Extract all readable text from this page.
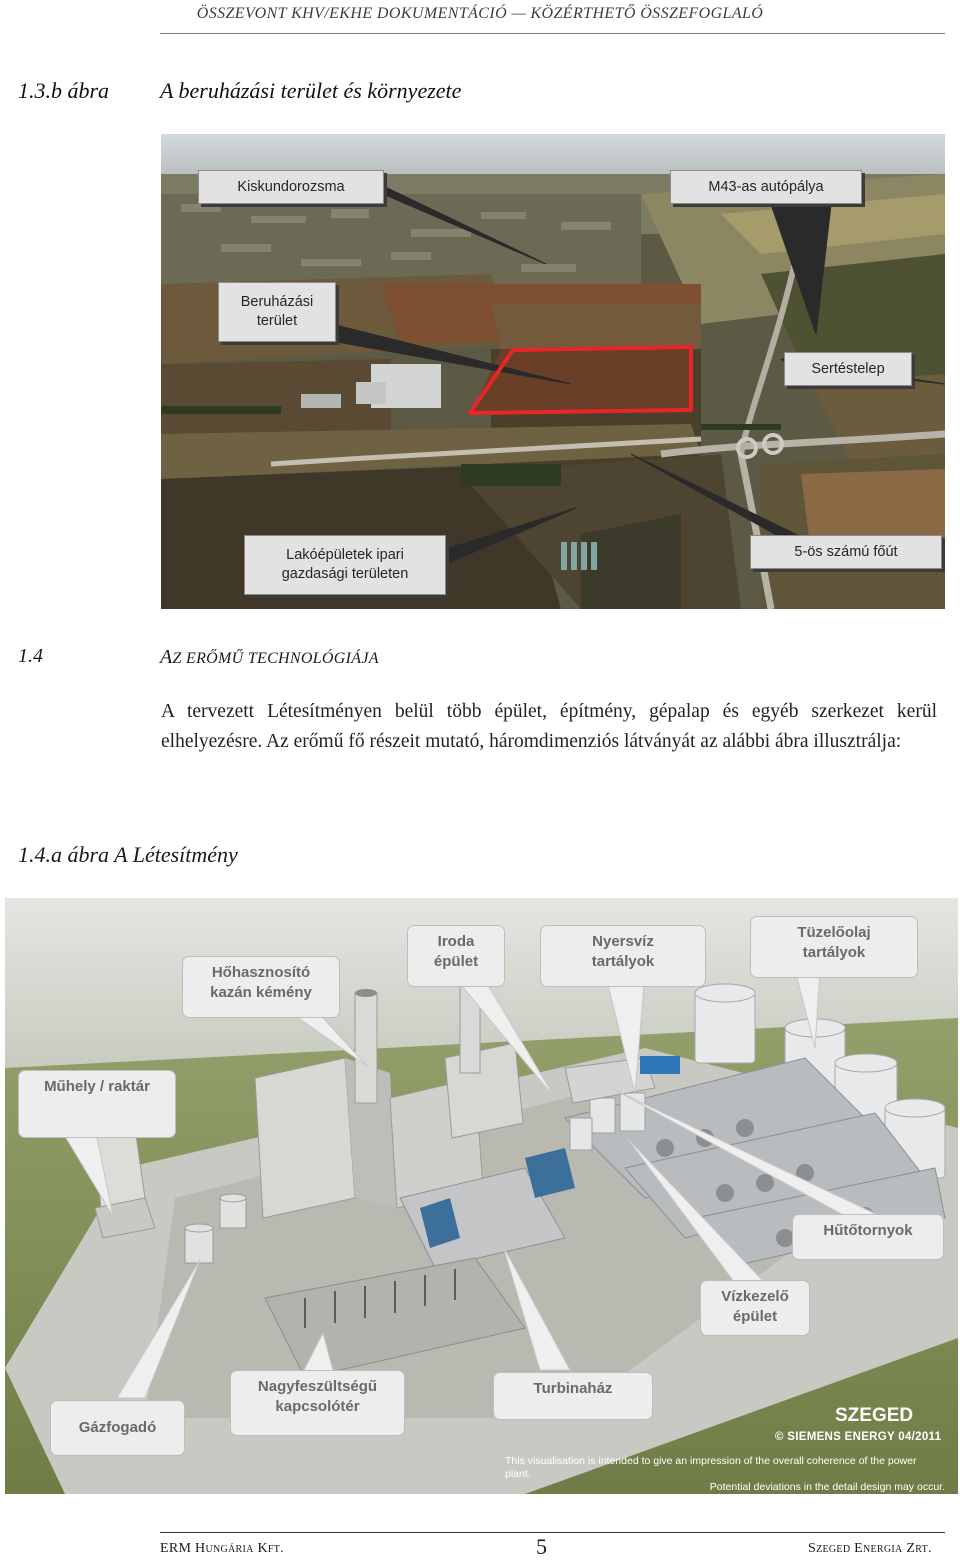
ÖSSZEVONT KHV/EKHE DOKUMENTÁCIÓ — KÖZÉRTHETŐ ÖSSZEFOGLALÓ
1.3.b ábra A beruházási terület és környezete
Kiskundorozsma	M43-as autópálya
Beruházási
terület
Sertéstelep
Lakóépületek ipari
gazdasági területen
5-ös számú főút
1.4	AZ ERŐMŰ TECHNOLÓGIÁJA
A tervezett Létesítményen belül több épület, építmény, gépalap és egyéb szerkezet kerül elhelyezésre. Az erőmű fő részeit mutató, háromdimenziós látványát az alábbi ábra illusztrálja:
1.4.a ábra A Létesítmény
Hőhasznosító
kazán kémény
Iroda
épület
Nyersvíz
tartályok
Tüzelőolaj
tartályok
Műhely / raktár
Hűtőtornyok
Vízkezelő
épület
Nagyfeszültségű
kapcsolótér
Turbinaház
Gázfogadó
SZEGED
© SIEMENS ENERGY 04/2011
This visualisation is intended to give an impression of the overall coherence of the power plant.
Potential deviations in the detail design may occur.
ERM Hungária Kft.	5	Szeged Energia Zrt.
